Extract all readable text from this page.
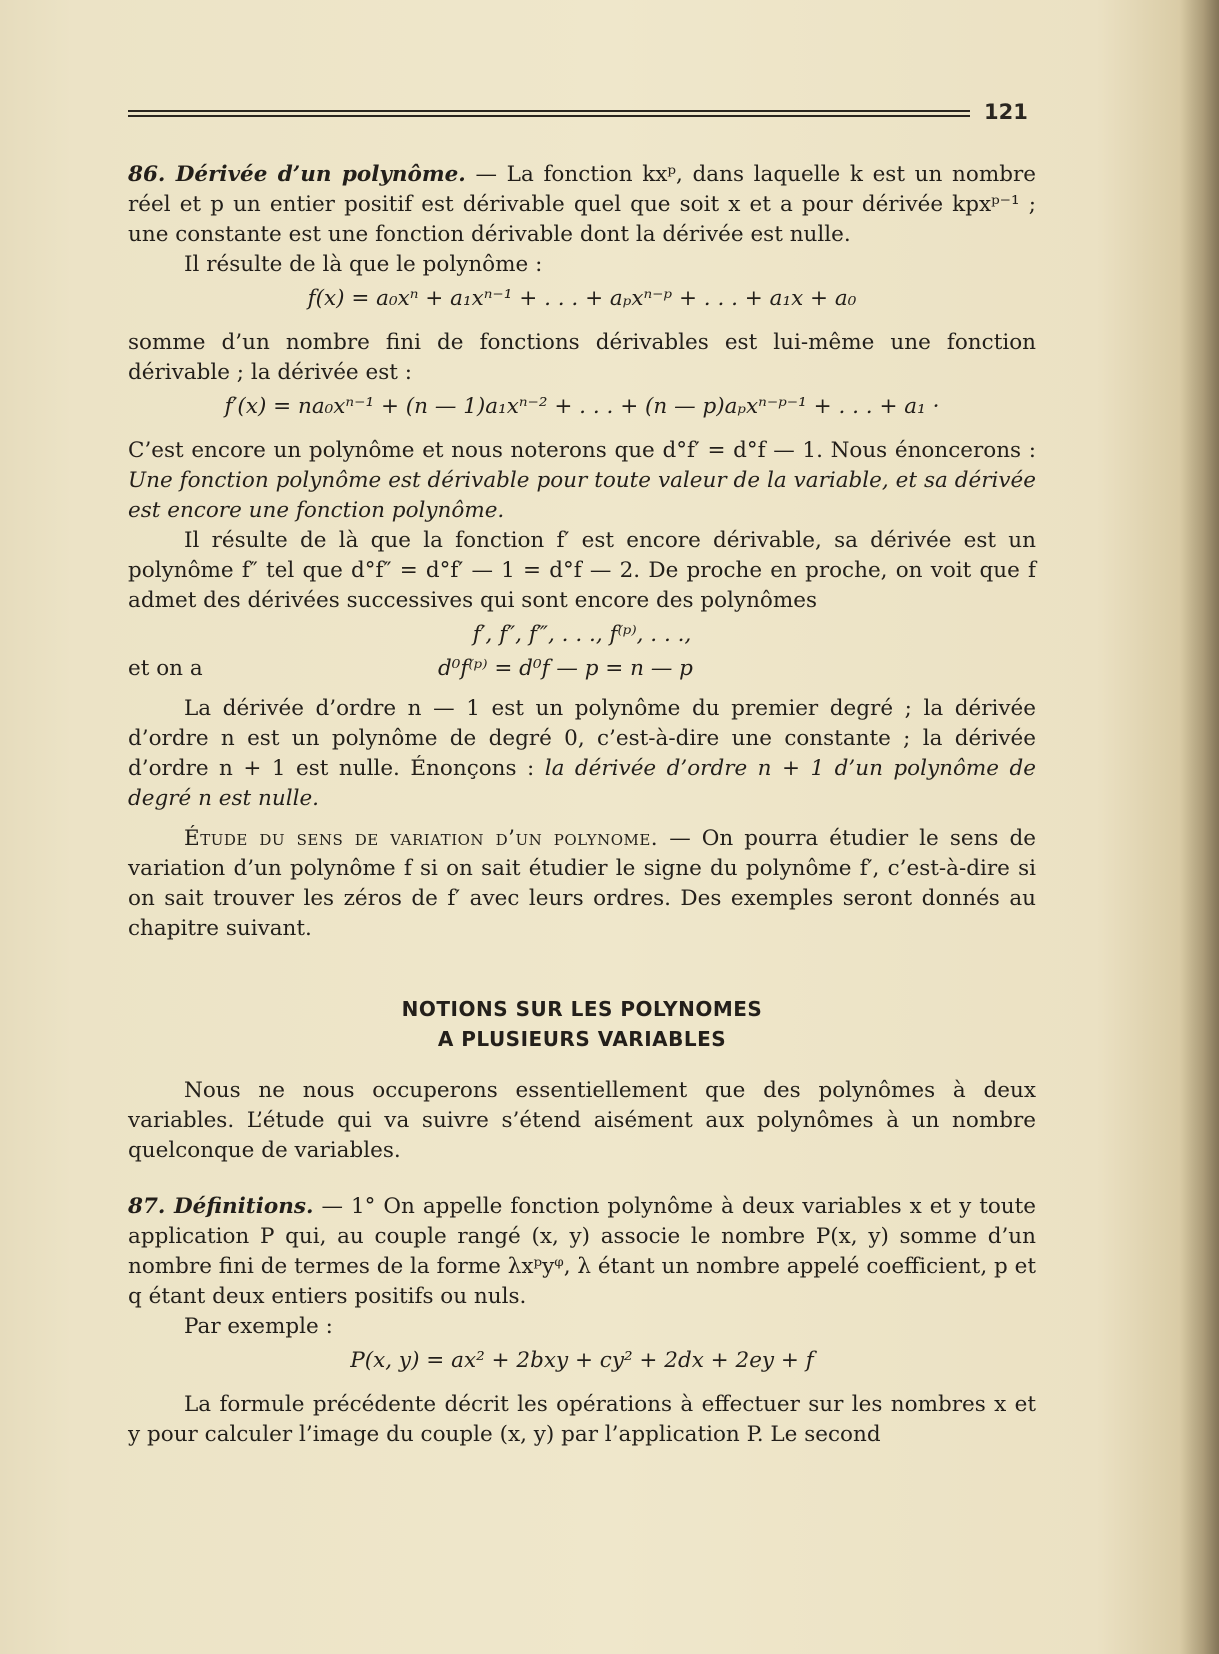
121

86. Dérivée d’un polynôme. — La fonction kxᵖ, dans laquelle k est un nombre réel et p un entier positif est dérivable quel que soit x et a pour dérivée kpxᵖ⁻¹ ; une constante est une fonction dérivable dont la dérivée est nulle.

Il résulte de là que le polynôme :

f(x) = a₀xⁿ + a₁xⁿ⁻¹ + . . . + aₚxⁿ⁻ᵖ + . . . + a₁x + a₀

somme d’un nombre fini de fonctions dérivables est lui-même une fonction dérivable ; la dérivée est :

f′(x) = na₀xⁿ⁻¹ + (n — 1)a₁xⁿ⁻² + . . . + (n — p)aₚxⁿ⁻ᵖ⁻¹ + . . . + a₁ ·

C’est encore un polynôme et nous noterons que d°f′ = d°f — 1. Nous énoncerons : Une fonction polynôme est dérivable pour toute valeur de la variable, et sa dérivée est encore une fonction polynôme.

Il résulte de là que la fonction f′ est encore dérivable, sa dérivée est un polynôme f″ tel que d°f″ = d°f′ — 1 = d°f — 2. De proche en proche, on voit que f admet des dérivées successives qui sont encore des polynômes

f′, f″, f‴, . . ., f⁽ᵖ⁾, . . .,

et on a	d⁰f⁽ᵖ⁾ = d⁰f — p = n — p

La dérivée d’ordre n — 1 est un polynôme du premier degré ; la dérivée d’ordre n est un polynôme de degré 0, c’est-à-dire une constante ; la dérivée d’ordre n + 1 est nulle. Énonçons : la dérivée d’ordre n + 1 d’un polynôme de degré n est nulle.

Étude du sens de variation d’un polynome. — On pourra étudier le sens de variation d’un polynôme f si on sait étudier le signe du polynôme f′, c’est-à-dire si on sait trouver les zéros de f′ avec leurs ordres. Des exemples seront donnés au chapitre suivant.

NOTIONS SUR LES POLYNOMES
A PLUSIEURS VARIABLES

Nous ne nous occuperons essentiellement que des polynômes à deux variables. L’étude qui va suivre s’étend aisément aux polynômes à un nombre quelconque de variables.

87. Définitions. — 1° On appelle fonction polynôme à deux variables x et y toute application P qui, au couple rangé (x, y) associe le nombre P(x, y) somme d’un nombre fini de termes de la forme λxᵖyᵠ, λ étant un nombre appelé coefficient, p et q étant deux entiers positifs ou nuls.

Par exemple :

P(x, y) = ax² + 2bxy + cy² + 2dx + 2ey + f

La formule précédente décrit les opérations à effectuer sur les nombres x et y pour calculer l’image du couple (x, y) par l’application P. Le second
